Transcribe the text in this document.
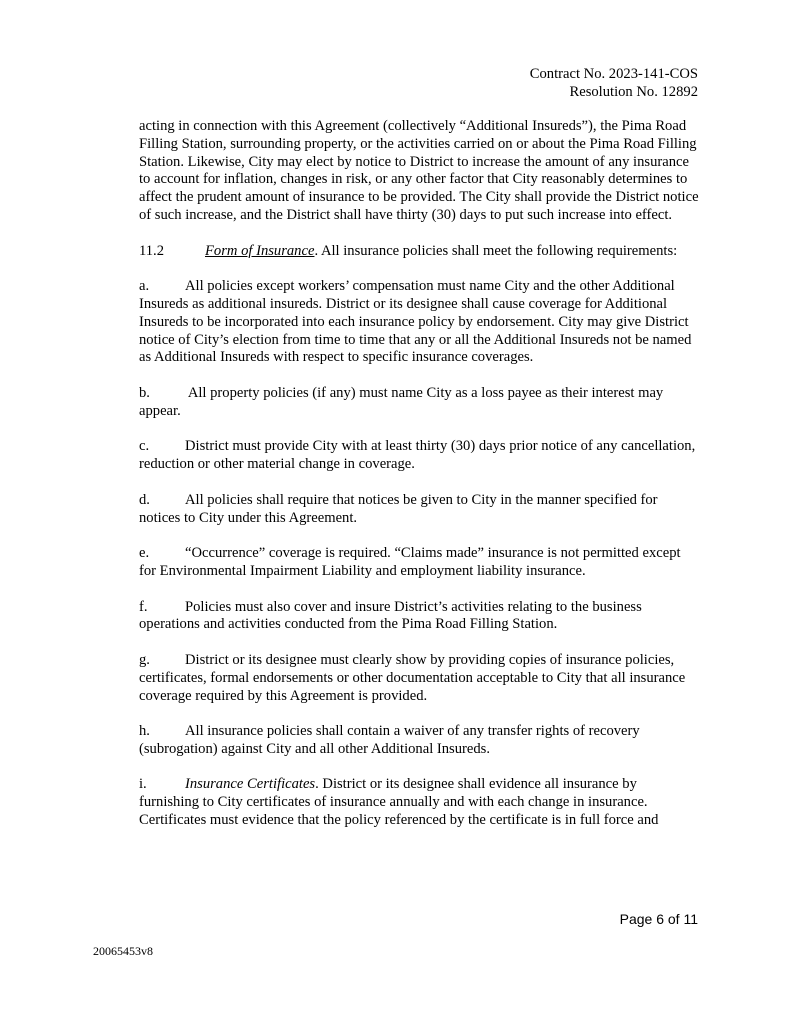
Contract No. 2023-141-COS
Resolution No. 12892

acting in connection with this Agreement (collectively “Additional Insureds”), the Pima Road Filling Station, surrounding property, or the activities carried on or about the Pima Road Filling Station. Likewise, City may elect by notice to District to increase the amount of any insurance to account for inflation, changes in risk, or any other factor that City reasonably determines to affect the prudent amount of insurance to be provided. The City shall provide the District notice of such increase, and the District shall have thirty (30) days to put such increase into effect.

11.2	Form of Insurance. All insurance policies shall meet the following requirements:

a. All policies except workers’ compensation must name City and the other Additional Insureds as additional insureds. District or its designee shall cause coverage for Additional Insureds to be incorporated into each insurance policy by endorsement. City may give District notice of City’s election from time to time that any or all the Additional Insureds not be named as Additional Insureds with respect to specific insurance coverages.

b. All property policies (if any) must name City as a loss payee as their interest may appear.

c. District must provide City with at least thirty (30) days prior notice of any cancellation, reduction or other material change in coverage.

d. All policies shall require that notices be given to City in the manner specified for notices to City under this Agreement.

e. “Occurrence” coverage is required. “Claims made” insurance is not permitted except for Environmental Impairment Liability and employment liability insurance.

f.	Policies must also cover and insure District’s activities relating to the business operations and activities conducted from the Pima Road Filling Station.

g. District or its designee must clearly show by providing copies of insurance policies, certificates, formal endorsements or other documentation acceptable to City that all insurance coverage required by this Agreement is provided.

h. All insurance policies shall contain a waiver of any transfer rights of recovery (subrogation) against City and all other Additional Insureds.

i.	Insurance Certificates. District or its designee shall evidence all insurance by furnishing to City certificates of insurance annually and with each change in insurance. Certificates must evidence that the policy referenced by the certificate is in full force and

Page 6 of 11
20065453v8
